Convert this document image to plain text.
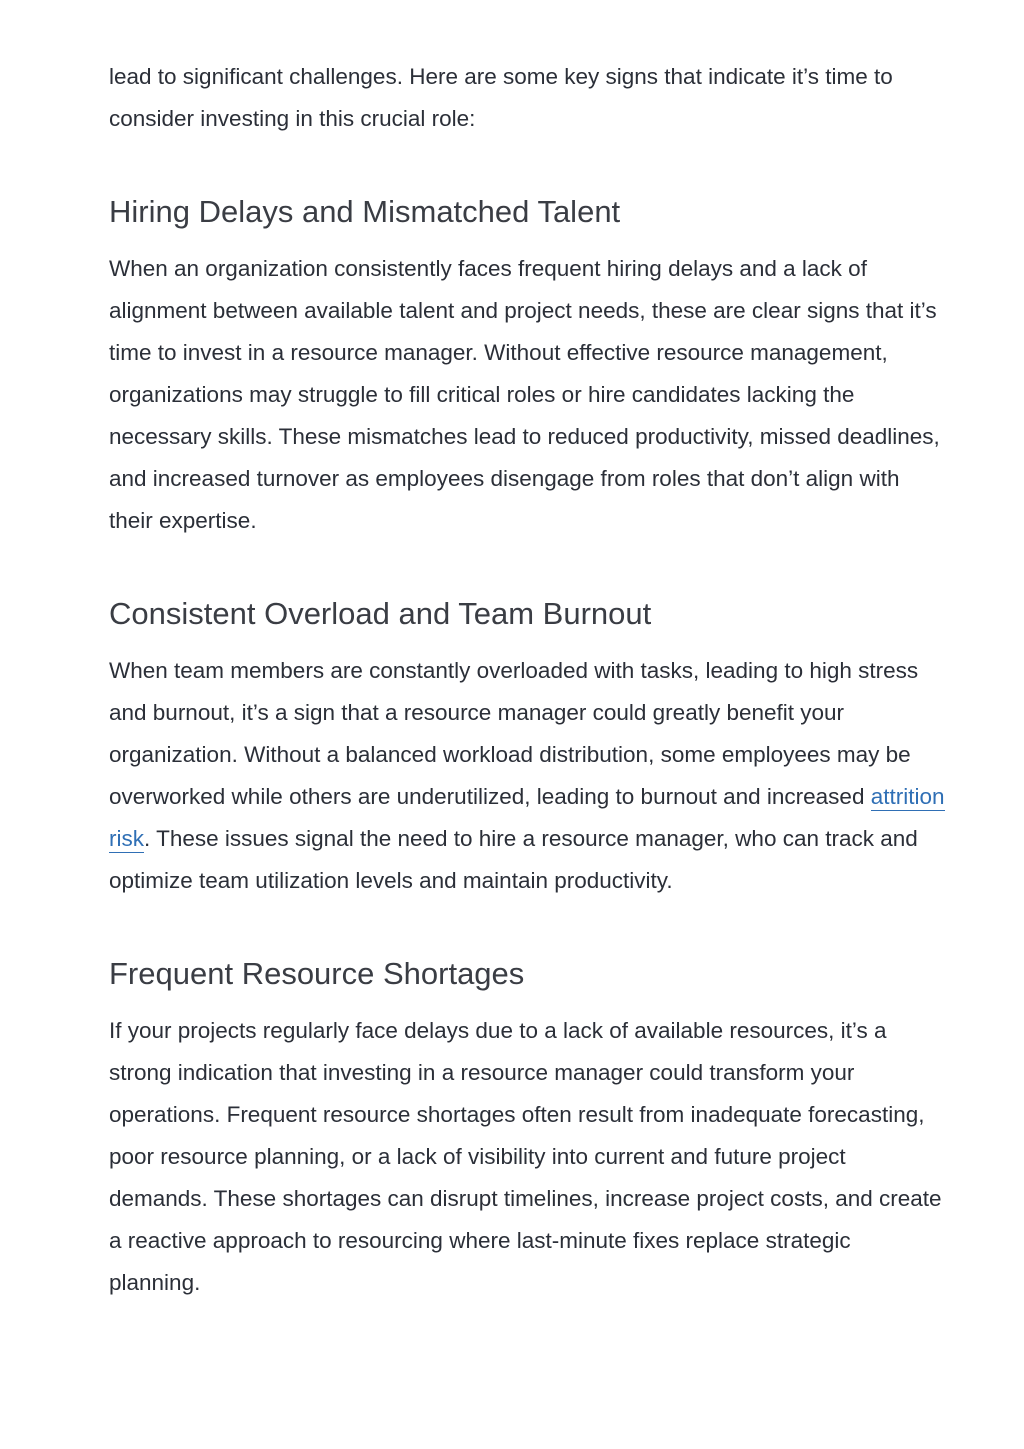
lead to significant challenges. Here are some key signs that indicate it’s time to consider investing in this crucial role:

Hiring Delays and Mismatched Talent

When an organization consistently faces frequent hiring delays and a lack of alignment between available talent and project needs, these are clear signs that it’s time to invest in a resource manager. Without effective resource management, organizations may struggle to fill critical roles or hire candidates lacking the necessary skills. These mismatches lead to reduced productivity, missed deadlines, and increased turnover as employees disengage from roles that don’t align with their expertise.

Consistent Overload and Team Burnout

When team members are constantly overloaded with tasks, leading to high stress and burnout, it’s a sign that a resource manager could greatly benefit your organization. Without a balanced workload distribution, some employees may be overworked while others are underutilized, leading to burnout and increased attrition risk. These issues signal the need to hire a resource manager, who can track and optimize team utilization levels and maintain productivity.

Frequent Resource Shortages

If your projects regularly face delays due to a lack of available resources, it’s a strong indication that investing in a resource manager could transform your operations. Frequent resource shortages often result from inadequate forecasting, poor resource planning, or a lack of visibility into current and future project demands. These shortages can disrupt timelines, increase project costs, and create a reactive approach to resourcing where last-minute fixes replace strategic planning.
